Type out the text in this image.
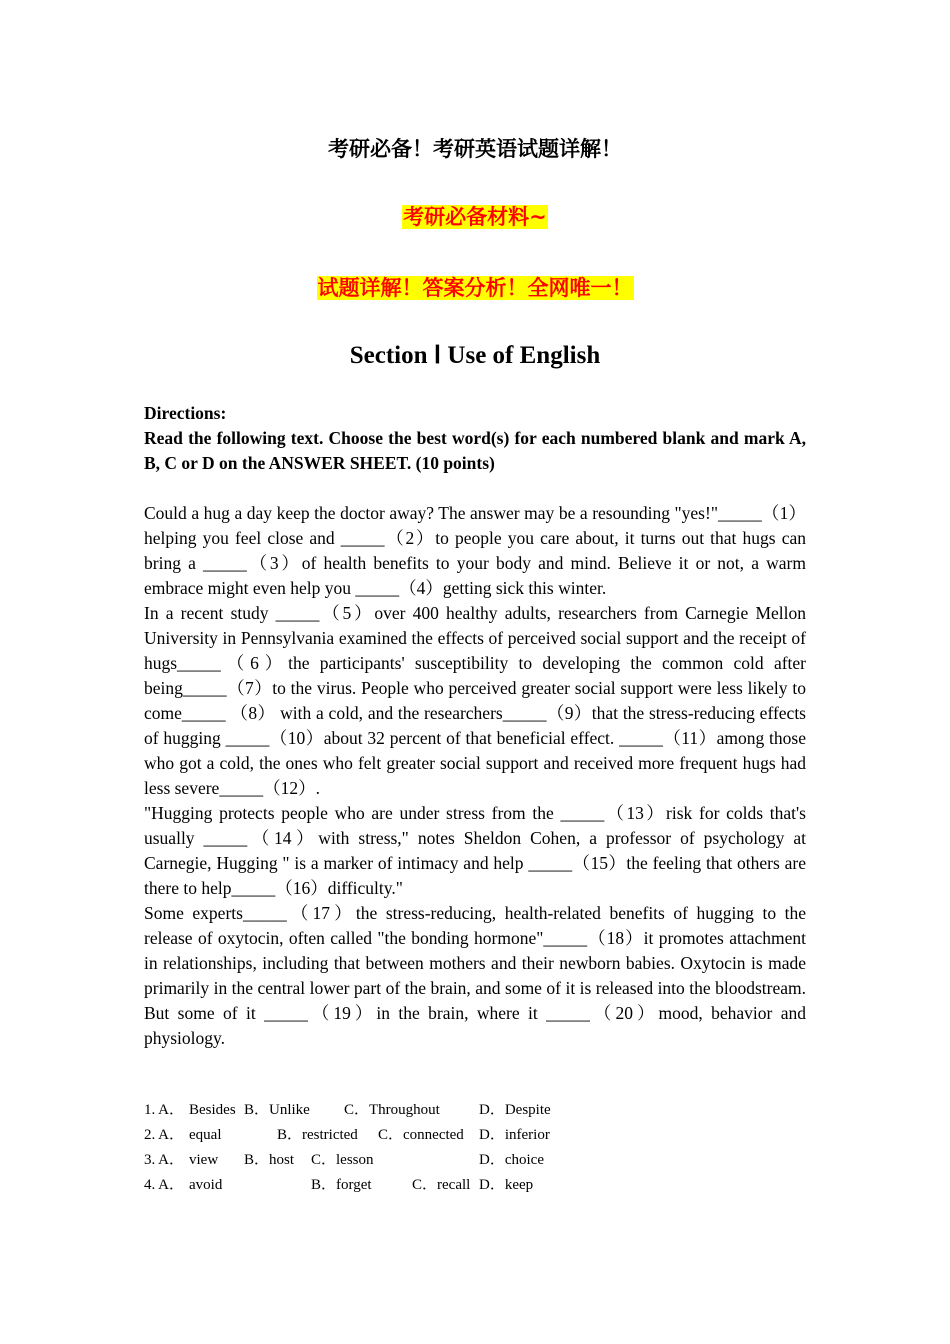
考研必备！考研英语试题详解！
考研必备材料~
试题详解！答案分析！全网唯一！
Section Ⅰ Use of English
Directions:
Read the following text. Choose the best word(s) for each numbered blank and mark A, B, C or D on the ANSWER SHEET. (10 points)

Could a hug a day keep the doctor away? The answer may be a resounding "yes!"_____（1）helping you feel close and _____（2）to people you care about, it turns out that hugs can bring a _____（3）of health benefits to your body and mind. Believe it or not, a warm embrace might even help you _____（4）getting sick this winter.

In a recent study _____（5）over 400 healthy adults, researchers from Carnegie Mellon University in Pennsylvania examined the effects of perceived social support and the receipt of hugs_____（6）the participants' susceptibility to developing the common cold after being_____（7）to the virus. People who perceived greater social support were less likely to come_____ （8） with a cold, and the researchers_____（9）that the stress-reducing effects of hugging _____（10）about 32 percent of that beneficial effect. _____（11）among those who got a cold, the ones who felt greater social support and received more frequent hugs had less severe_____（12）.

"Hugging protects people who are under stress from the _____（13）risk for colds that's usually _____（14）with stress," notes Sheldon Cohen, a professor of psychology at Carnegie, Hugging " is a marker of intimacy and help _____（15）the feeling that others are there to help_____（16）difficulty."

Some experts_____（17）the stress-reducing, health-related benefits of hugging to the release of oxytocin, often called "the bonding hormone"_____（18）it promotes attachment in relationships, including that between mothers and their newborn babies. Oxytocin is made primarily in the central lower part of the brain, and some of it is released into the bloodstream. But some of it _____（19）in the brain, where it _____（20）mood, behavior and physiology.

1. A． Besides B．Unlike C．Throughout	D．Despite
2. A． equal	B．restricted C．connected D．inferior
3. A． view B．host C．lesson	D．choice
4. A． avoid	B．forget	C．recall D．keep
